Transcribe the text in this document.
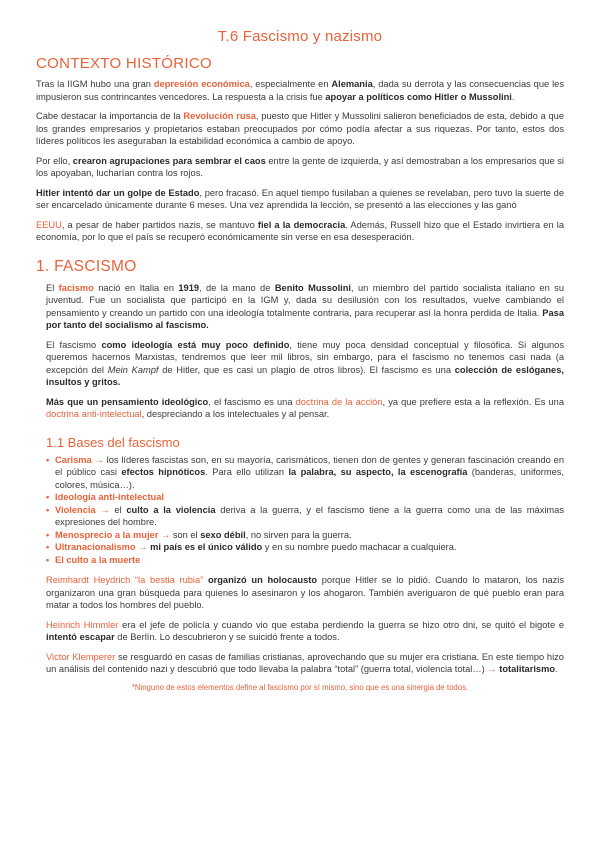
T.6 Fascismo y nazismo
CONTEXTO HISTÓRICO

Tras la IIGM hubo una gran depresión económica, especialmente en Alemania, dada su derrota y las consecuencias que les impusieron sus contrincantes vencedores. La respuesta a la crisis fue apoyar a políticos como Hitler o Mussolini.

Cabe destacar la importancia de la Revolución rusa, puesto que Hitler y Mussolini salieron beneficiados de esta, debido a que los grandes empresarios y propietarios estaban preocupados por cómo podía afectar a sus riquezas. Por tanto, estos dos líderes políticos les aseguraban la estabilidad económica a cambio de apoyo.

Por ello, crearon agrupaciones para sembrar el caos entre la gente de izquierda, y así demostraban a los empresarios que si los apoyaban, lucharían contra los rojos.

Hitler intentó dar un golpe de Estado, pero fracasó. En aquel tiempo fusilaban a quienes se revelaban, pero tuvo la suerte de ser encarcelado únicamente durante 6 meses. Una vez aprendida la lección, se presentó a las elecciones y las ganó

EEUU, a pesar de haber partidos nazis, se mantuvo fiel a la democracia. Además, Russell hizo que el Estado invirtiera en la economía, por lo que el país se recuperó económicamente sin verse en esa desesperación.

1. FASCISMO

El facismo nació en Italia en 1919, de la mano de Benito Mussolini, un miembro del partido socialista italiano en su juventud. Fue un socialista que participó en la IGM y, dada su desilusión con los resultados, vuelve cambiando el pensamiento y creando un partido con una ideología totalmente contraria, para recuperar así la honra perdida de Italia. Pasa por tanto del socialismo al fascismo.

El fascismo como ideología está muy poco definido, tiene muy poca densidad conceptual y filosófica. Si algunos queremos hacernos Marxistas, tendremos que leer mil libros, sin embargo, para el fascismo no tenemos casi nada (a excepción del Mein Kampf de Hitler, que es casi un plagio de otros libros). El fascismo es una colección de eslóganes, insultos y gritos.

Más que un pensamiento ideológico, el fascismo es una doctrina de la acción, ya que prefiere esta a la reflexión. Es una doctrina anti-intelectual, despreciando a los intelectuales y al pensar.

1.1 Bases del fascismo
• Carisma → los líderes fascistas son, en su mayoría, carismáticos, tienen don de gentes y generan fascinación creando en el público casi efectos hipnóticos. Para ello utilizan la palabra, su aspecto, la escenografía (banderas, uniformes, colores, música…).
• Ideología anti-intelectual
• Violencia → el culto a la violencia deriva a la guerra, y el fascismo tiene a la guerra como una de las máximas expresiones del hombre.
• Menosprecio a la mujer → son el sexo débil, no sirven para la guerra.
• Ultranacionalismo → mi país es el único válido y en su nombre puedo machacar a cualquiera.
• El culto a la muerte

Reimhardt Heydrich “la bestia rubia” organizó un holocausto porque Hitler se lo pidió. Cuando lo mataron, los nazis organizaron una gran búsqueda para quienes lo asesinaron y los ahogaron. También averiguaron de qué pueblo eran para matar a todos los hombres del pueblo.

Heinrich Himmler era el jefe de policía y cuando vio que estaba perdiendo la guerra se hizo otro dni, se quitó el bigote e intentó escapar de Berlín. Lo descubrieron y se suicidó frente a todos.

Victor Klemperer se resguardó en casas de familias cristianas, aprovechando que su mujer era cristiana. En este tiempo hizo un análisis del contenido nazi y descubrió que todo llevaba la palabra “total” (guerra total, violencia total…) → totalitarismo.

*Ninguno de estos elementos define al fascismo por sí mismo, sino que es una sinergia de todos.
